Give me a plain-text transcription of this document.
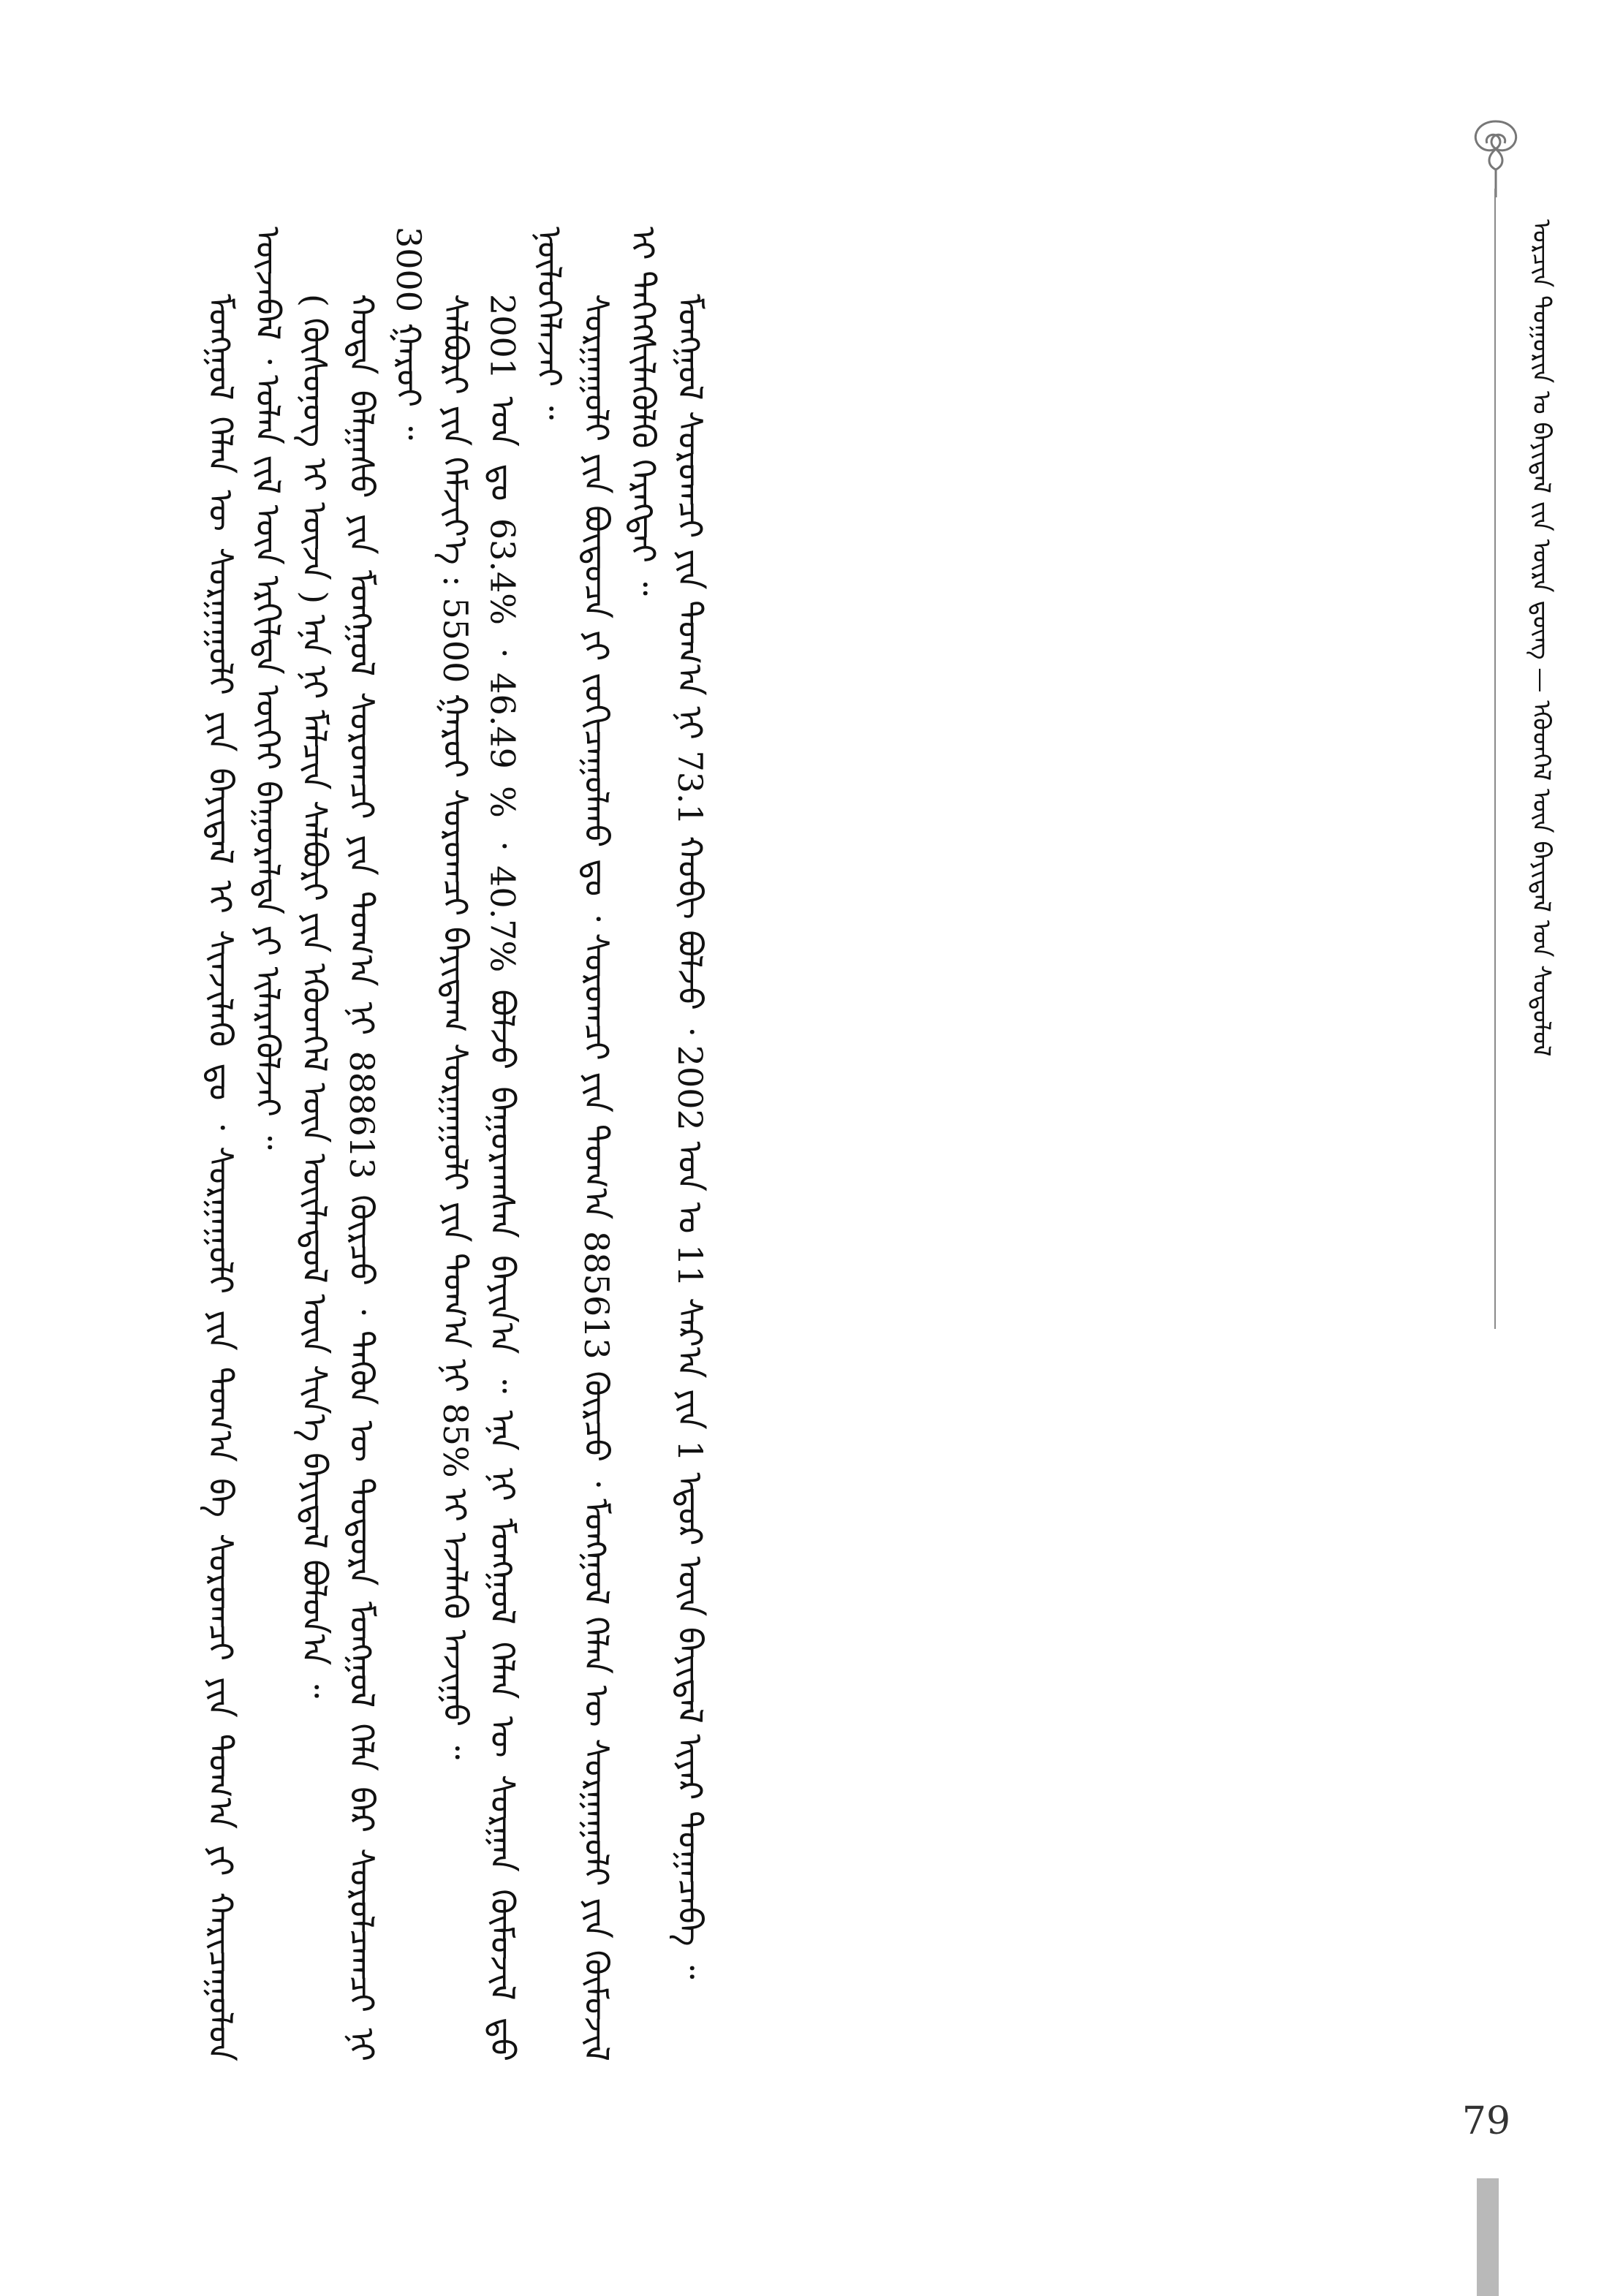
ᠣᠷᠴᠢᠨ ᠲᠣᠭᠣᠷᠢᠨ ᠤ ᠪᠠᠶᠢᠳᠠᠯ ᠵᠢᠨ ᠦᠷᠡ ᠳ᠋ᠦᠩ — ᠡᠭᠦᠳᠭᠡᠯ ᠦᠨ ᠪᠠᠶᠢᠳᠠᠯ ᠤᠨ ᠰᠤᠳᠤᠯᠤᠯ

ᠮᠣᠩᠭᠣᠯ ᠬᠡᠯᠡᠨ ᠦ ᠰᠤᠷᠭᠠᠭᠤᠯᠢ ᠶᠢᠨ ᠪᠠᠶᠢᠳᠠᠯ ᠢ ᠰᠢᠨᠵᠢᠯᠡᠬᠦ ᠳᠤ ᠂ ᠰᠤᠷᠭᠠᠭᠤᠯᠢ ᠶᠢᠨ ᠲᠣᠭ᠎ᠠ ᠪᠠ ᠰᠤᠷᠤᠭᠴᠢ ᠶᠢᠨ ᠲᠣᠭ᠎ᠠ ᠶᠢ ᠬᠠᠷᠢᠴᠠᠭᠤᠯᠤᠨ ᠦᠵᠡᠪᠡᠯ ᠂ ᠣᠯᠠᠨ ᠵᠢᠯ ᠦᠨ ᠡᠷᠭᠢᠯᠲᠡ ᠦᠭᠡᠢ ᠪᠠᠭᠤᠷᠠᠯᠳᠠ ᠶᠢ ᠢᠯᠡᠷᠡᠭᠦᠯᠵᠡᠢ ᠃ ( ᠬᠦᠰᠦᠨᠦᠭ ᠢ ᠦᠵᠡ ) ᠡᠨᠡ ᠨᠢ ᠮᠠᠯᠴᠢᠨ ᠰᠠᠯᠪᠤᠷᠢ ᠶᠢᠨ ᠡᠭᠦᠳᠭᠡᠯ ᠦᠨ ᠦᠢᠯᠡᠳᠦᠯ ᠦᠨ ᠰᠢᠨ᠎ᠡ ᠪᠠᠶᠢᠳᠠᠯ ᠪᠣᠯᠤᠨ᠎ᠠ ᠃ ᠬᠣᠲᠠ ᠪᠠᠯᠭᠠᠰᠤ ᠶᠢᠨ ᠮᠣᠩᠭᠣᠯ ᠰᠤᠷᠤᠭᠴᠢ ᠶᠢᠨ ᠲᠣᠭ᠎ᠠ ᠨᠢ 888613 ᠬᠦᠷᠴᠦ ᠂ ᠲᠡᠭᠦᠨ ᠦ ᠳᠣᠲᠣᠷᠠ ᠮᠣᠩᠭᠣᠯ ᠬᠡᠯᠡ ᠪᠡᠷ ᠰᠤᠷᠤᠯᠴᠠᠭᠴᠢ ᠨᠢ 3000 ᠭᠠᠷᠤᠢ ᠃ ᠰᠠᠯᠪᠤᠷᠢ ᠶᠢᠨ ᠬᠡᠮᠵᠢᠶ᠎ᠡ : 5500 ᠭᠠᠷᠤᠢ ᠰᠤᠷᠤᠭᠴᠢ ᠪᠠᠶᠢᠳᠠᠭ ᠰᠤᠷᠭᠠᠭᠤᠯᠢ ᠶᠢᠨ ᠲᠣᠭ᠎ᠠ ᠨᠢ 85% ᠢ ᠡᠵᠡᠯᠡᠬᠦ ᠠᠵᠢᠭᠤ ᠃ 2001 ᠣᠨ ᠳᠤ 63.4% ᠂ 46.49 % ᠂ 40.7% ᠪᠣᠯᠵᠤ ᠪᠠᠭᠤᠷᠠᠭᠰᠠᠨ ᠪᠠᠶᠢᠨ᠎ᠠ ᠃ ᠡᠨᠡ ᠨᠢ ᠮᠣᠩᠭᠣᠯ ᠬᠡᠯᠡᠨ ᠦ ᠰᠤᠷᠭᠠᠨ ᠬᠦᠮᠦᠵᠢᠯ ᠳ᠋ᠦ ᠨᠥᠯᠦᠭᠡᠯᠡᠵᠡᠢ ᠃ ᠰᠤᠷᠭᠠᠭᠤᠯᠢ ᠶᠢᠨ ᠪᠦᠲᠦᠴᠡ ᠶᠢ ᠵᠤᠬᠢᠴᠠᠭᠤᠯᠬᠤ ᠳᠤ ᠂ ᠰᠤᠷᠤᠭᠴᠢ ᠶᠢᠨ ᠲᠣᠭ᠎ᠠ 885613 ᠬᠦᠷᠴᠦ ᠂ ᠮᠣᠩᠭᠣᠯ ᠬᠡᠯᠡᠨ ᠦ ᠰᠤᠷᠭᠠᠭᠤᠯᠢ ᠶᠢᠨ ᠬᠦᠮᠦᠵᠢᠯ ᠢ ᠳᠡᠭᠡᠭᠰᠢᠯᠡᠭᠦᠯᠬᠦ ᠬᠡᠷᠡᠭᠲᠡᠢ ᠃ ᠮᠣᠩᠭᠣᠯ ᠰᠤᠷᠤᠭᠴᠢ ᠶᠢᠨ ᠲᠣᠭ᠎ᠠ ᠨᠢ 73.1 ᠬᠤᠪᠢ ᠪᠣᠯᠵᠤ ᠂ 2002 ᠣᠨ ᠤ 11 ᠰᠠᠷ᠎ᠠ ᠶᠢᠨ 1 ᠡᠳᠦᠷ ᠦᠨ ᠪᠠᠶᠢᠳᠠᠯ ᠢᠶᠠᠷ ᠲᠣᠭᠠᠴᠠᠪᠠ ᠃

79
